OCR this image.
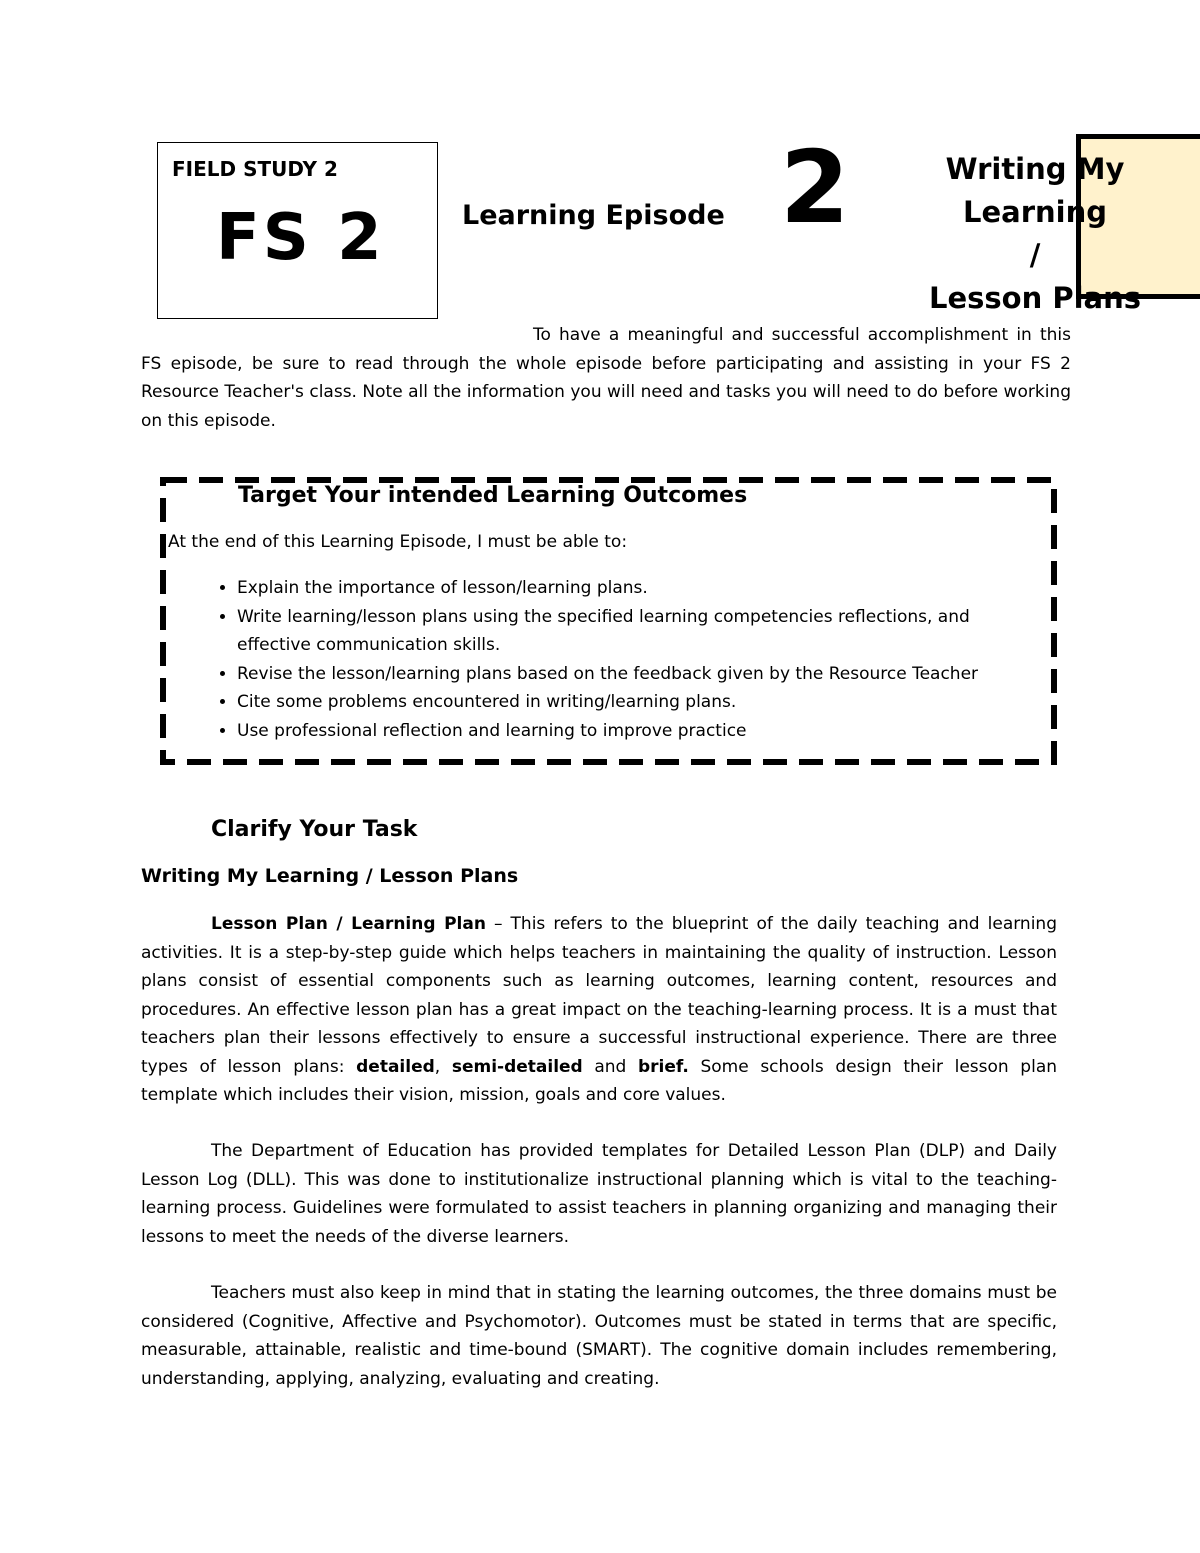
FIELD STUDY 2
FS 2	Learning Episode 2	Writing My Learning
/
Lesson Plans

To have a meaningful and successful accomplishment in this FS episode, be sure to read through the whole episode before participating and assisting in your FS 2 Resource Teacher's class. Note all the information you will need and tasks you will need to do before working on this episode.

Target Your intended Learning Outcomes
At the end of this Learning Episode, I must be able to:
• Explain the importance of lesson/learning plans.
• Write learning/lesson plans using the specified learning competencies reflections, and effective communication skills.
• Revise the lesson/learning plans based on the feedback given by the Resource Teacher
• Cite some problems encountered in writing/learning plans.
• Use professional reflection and learning to improve practice
Clarify Your Task
Writing My Learning / Lesson Plans

Lesson Plan / Learning Plan – This refers to the blueprint of the daily teaching and learning activities. It is a step-by-step guide which helps teachers in maintaining the quality of instruction. Lesson plans consist of essential components such as learning outcomes, learning content, resources and procedures. An effective lesson plan has a great impact on the teaching-learning process. It is a must that teachers plan their lessons effectively to ensure a successful instructional experience. There are three types of lesson plans: detailed, semi-detailed and brief. Some schools design their lesson plan template which includes their vision, mission, goals and core values.

The Department of Education has provided templates for Detailed Lesson Plan (DLP) and Daily Lesson Log (DLL). This was done to institutionalize instructional planning which is vital to the teaching-learning process. Guidelines were formulated to assist teachers in planning organizing and managing their lessons to meet the needs of the diverse learners.

Teachers must also keep in mind that in stating the learning outcomes, the three domains must be considered (Cognitive, Affective and Psychomotor). Outcomes must be stated in terms that are specific, measurable, attainable, realistic and time-bound (SMART). The cognitive domain includes remembering, understanding, applying, analyzing, evaluating and creating.
